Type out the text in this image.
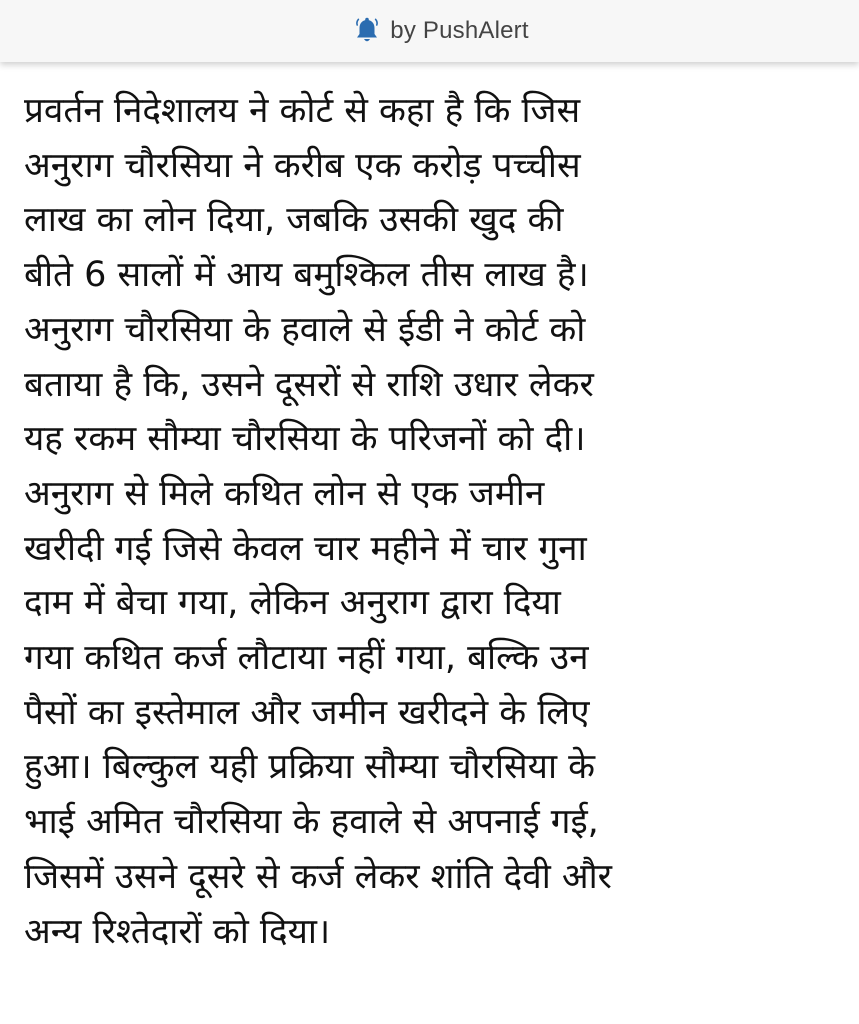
by PushAlert
प्रवर्तन निदेशालय ने कोर्ट से कहा है कि जिस
अनुराग चौरसिया ने करीब एक करोड़ पच्चीस
लाख का लोन दिया, जबकि उसकी खुद की
बीते 6 सालों में आय बमुश्किल तीस लाख है।
अनुराग चौरसिया के हवाले से ईडी ने कोर्ट को
बताया है कि, उसने दूसरों से राशि उधार लेकर
यह रकम सौम्या चौरसिया के परिजनों को दी।
अनुराग से मिले कथित लोन से एक जमीन
खरीदी गई जिसे केवल चार महीने में चार गुना
दाम में बेचा गया, लेकिन अनुराग द्वारा दिया
गया कथित कर्ज लौटाया नहीं गया, बल्कि उन
पैसों का इस्तेमाल और जमीन खरीदने के लिए
हुआ। बिल्कुल यही प्रक्रिया सौम्या चौरसिया के
भाई अमित चौरसिया के हवाले से अपनाई गई,
जिसमें उसने दूसरे से कर्ज लेकर शांति देवी और
अन्य रिश्तेदारों को दिया।
